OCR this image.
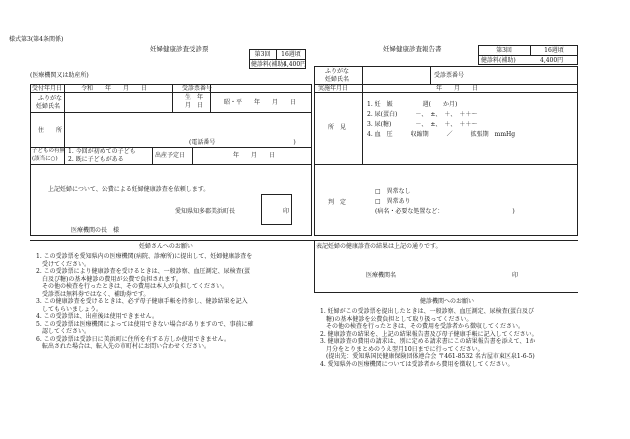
様式第3(第4条関係)
妊婦健康診査受診票	妊婦健康診査報告書
第3回	16週頃
健診料(補助)
4,400円
第3回	16週頃
健診料(補助)	4,400円
(医療機関又は助産所)
受付年月日	令和　　年　　月　　日	受診票番号
ふりがな
妊婦氏名
生　年
月　日	昭・平　　年　　月　　日
住　　所
(電話番号　　　　　　　　　　　　　)
子どもの有無
(該当に○)
1. 今回が初めての子ども
2. 既に子どもがある
出産予定日	年　　月　　日
上記妊婦について、公費による妊婦健康診査を依頼します。
愛知県知多郡美浜町長	印
医療機関の長　様
ふりがな
妊婦氏名
受診票番号
実施年月日	年　　月　　日
所　見
1. 妊　娠　　　　　週(　　か月)
2. 尿(蛋白)　　　－、　±、　＋、　＋＋～
3. 尿(糖)　　　　－、　±、　＋、　＋＋～
4. 血　圧　　　収縮期　　　／　　　拡張期　mmHg
判　定
□　異常なし
□　異常あり
(病名・必要な処置など：　　　　　　　　　　　　)
妊婦さんへのお願い	表記妊婦の健康診査の結果は上記の通りです。
医療機関名	印
1. この受診票を愛知県内の医療機関(病院、診療所)に提出して、妊婦健康診査を
　受けてください。
2. この受診票により健康診査を受けるときは、一般診察、血圧測定、尿検査(蛋
　白及び糖)の基本健診の費用が公費で負担されます。
　その他の検査を行ったときは、その費用は本人が負担してください。
　受診票は無料券ではなく、補助券です。
3. この健康診査を受けるときは、必ず母子健康手帳を持参し、健診結果を記入
　してもらいましょう。
4. この受診票は、出産後は使用できません。
5. この受診票は医療機関によっては使用できない場合がありますので、事前に確
　認してください。
6. この受診票は受診日に美浜町に住所を有する方しか使用できません。
　転出された場合は、転入先の市町村にお問い合わせください。
健診機関へのお願い
1. 妊婦がこの受診票を提出したときは、一般診察、血圧測定、尿検査(蛋白及び
　糖)の基本健診を公費負担として取り扱ってください。
　その他の検査を行ったときは、その費用を受診者から徴収してください。
2. 健康診査の結果を、上記の結果報告書及び母子健康手帳に記入してください。
3. 健康診査の費用の請求は、別に定める請求書にこの結果報告書を添えて、1か
　月分をとりまとめのうえ翌月10日までに行ってください。
　(提出先：愛知県国民健康保険団体連合会 〒461-8532 名古屋市東区泉1-6-5)
4. 愛知県外の医療機関については受診者から費用を徴収してください。
